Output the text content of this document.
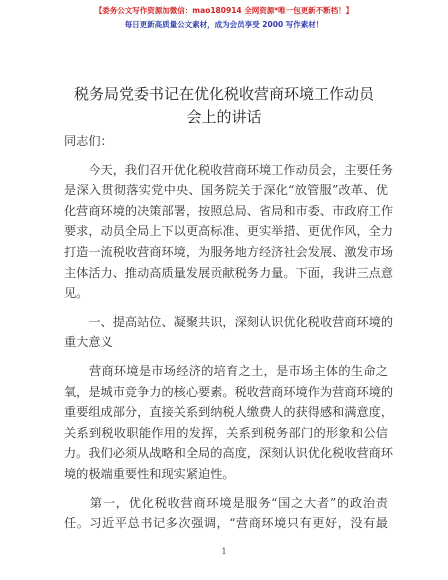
【委务公文写作资源加微信：mao180914 全网资源*唯一包更新不断档！】
每日更新高质量公文素材，成为会员享受 2000 写作素材！
税务局党委书记在优化税收营商环境工作动员
会上的讲话
同志们：
　　今天，我们召开优化税收营商环境工作动员会，主要任务
是深入贯彻落实党中央、国务院关于深化“放管服”改革、优
化营商环境的决策部署，按照总局、省局和市委、市政府工作
要求，动员全局上下以更高标准、更实举措、更优作风，全力
打造一流税收营商环境，为服务地方经济社会发展、激发市场
主体活力、推动高质量发展贡献税务力量。下面，我讲三点意
见。
　　一、提高站位、凝聚共识，深刻认识优化税收营商环境的
重大意义
　　营商环境是市场经济的培育之土，是市场主体的生命之
氧，是城市竞争力的核心要素。税收营商环境作为营商环境的
重要组成部分，直接关系到纳税人缴费人的获得感和满意度，
关系到税收职能作用的发挥，关系到税务部门的形象和公信
力。我们必须从战略和全局的高度，深刻认识优化税收营商环
境的极端重要性和现实紧迫性。
　　第一，优化税收营商环境是服务“国之大者”的政治责
任。习近平总书记多次强调，“营商环境只有更好，没有最
1
